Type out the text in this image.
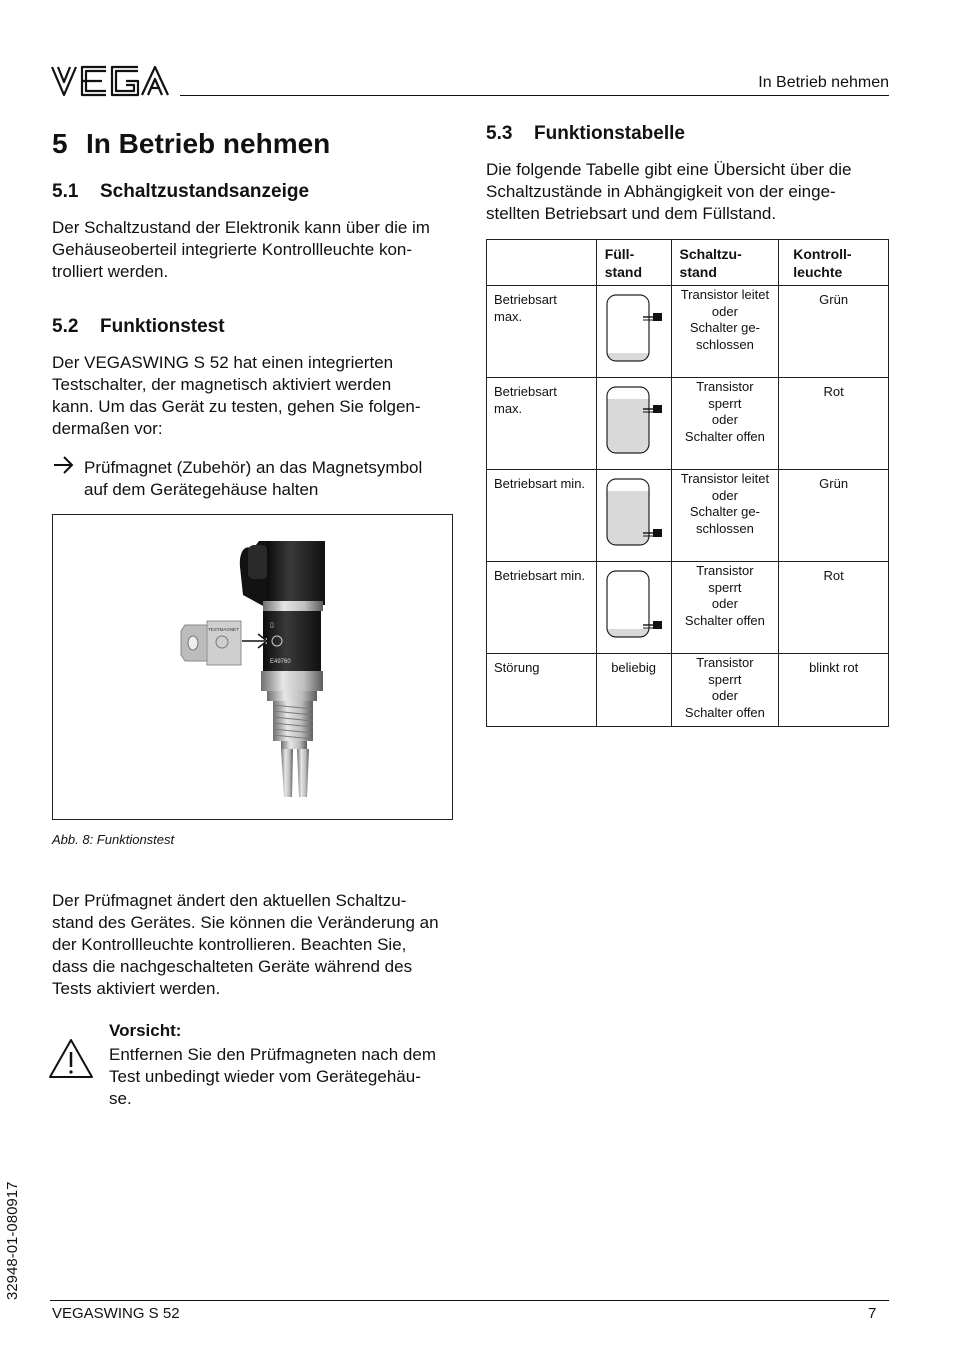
In Betrieb nehmen
5 In Betrieb nehmen
5.1 Schaltzustandsanzeige

Der Schaltzustand der Elektronik kann über die im
Gehäuseoberteil integrierte Kontrollleuchte kon-
trolliert werden.

5.2 Funktionstest

Der VEGASWING S 52 hat einen integrierten
Testschalter, der magnetisch aktiviert werden
kann. Um das Gerät zu testen, gehen Sie folgen-
dermaßen vor:

Prüfmagnet (Zubehör) an das Magnetsymbol
auf dem Gerätegehäuse halten

▯
E49760
TESTMAGNET
Abb. 8: Funktionstest

Der Prüfmagnet ändert den aktuellen Schaltzu-
stand des Gerätes. Sie können die Veränderung an
der Kontrollleuchte kontrollieren. Beachten Sie,
dass die nachgeschalteten Geräte während des
Tests aktiviert werden.

Vorsicht:

Entfernen Sie den Prüfmagneten nach dem
Test unbedingt wieder vom Gerätegehäu-
se.

5.3 Funktionstabelle

Die folgende Tabelle gibt eine Übersicht über die
Schaltzustände in Abhängigkeit von der einge-
stellten Betriebsart und dem Füllstand.

	Füll-
stand	Schaltzu-
stand	Kontroll-
leuchte
Betriebsart
max.		Transistor leitet
oder
Schalter ge-
schlossen	Grün
Betriebsart
max.		Transistor
sperrt
oder
Schalter offen	Rot
Betriebsart min.		Transistor leitet
oder
Schalter ge-
schlossen	Grün
Betriebsart min.		Transistor
sperrt
oder
Schalter offen	Rot
Störung	beliebig	Transistor
sperrt
oder
Schalter offen	blinkt rot
VEGASWING S 52	7
32948-01-080917
